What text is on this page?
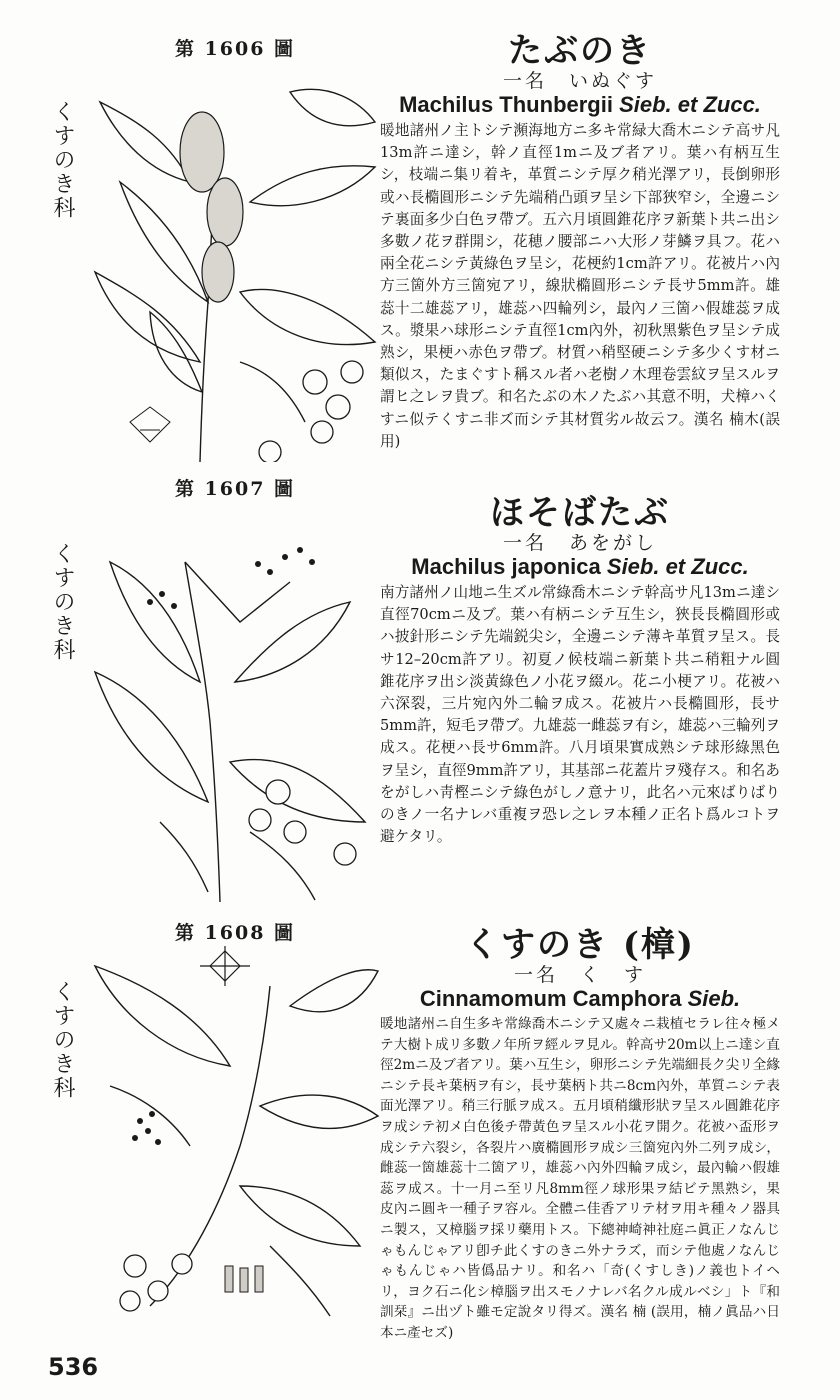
第 1606 圖
くすのき科
たぶのき
一名　いぬぐす
Machilus Thunbergii Sieb. et Zucc.
暖地諸州ノ主トシテ瀕海地方ニ多キ常緑大喬木ニシテ高サ凡13m許ニ達シ，幹ノ直徑1mニ及ブ者アリ。葉ハ有柄互生シ，枝端ニ集リ着キ，革質ニシテ厚ク稍光澤アリ，長倒卵形或ハ長橢圓形ニシテ先端稍凸頭ヲ呈シ下部狹窄シ，全邊ニシテ裏面多少白色ヲ帶ブ。五六月頃圓錐花序ヲ新葉ト共ニ出シ多數ノ花ヲ群開シ，花穂ノ腰部ニハ大形ノ芽鱗ヲ具フ。花ハ兩全花ニシテ黃綠色ヲ呈シ，花梗約1cm許アリ。花被片ハ內方三箇外方三箇宛アリ，線狀橢圓形ニシテ長サ5mm許。雄蕊十二雄蕊アリ，雄蕊ハ四輪列シ，最內ノ三箇ハ假雄蕊ヲ成ス。漿果ハ球形ニシテ直徑1cm內外，初秋黑紫色ヲ呈シテ成熟シ，果梗ハ赤色ヲ帶ブ。材質ハ稍堅硬ニシテ多少くす材ニ類似ス，たまぐすト稱スル者ハ老樹ノ木理卷雲紋ヲ呈スルヲ謂ヒ之レヲ貴ブ。和名たぶの木ノたぶハ其意不明，犬樟ハくすニ似テくすニ非ズ而シテ其材質劣ル故云フ。漢名 楠木(誤用)
第 1607 圖
くすのき科
ほそばたぶ
一名　あをがし
Machilus japonica Sieb. et Zucc.
南方諸州ノ山地ニ生ズル常綠喬木ニシテ幹高サ凡13mニ達シ直徑70cmニ及ブ。葉ハ有柄ニシテ互生シ，狹長長橢圓形或ハ披針形ニシテ先端鋭尖シ，全邊ニシテ薄キ革質ヲ呈ス。長サ12–20cm許アリ。初夏ノ候枝端ニ新葉ト共ニ稍粗ナル圓錐花序ヲ出シ淡黃綠色ノ小花ヲ綴ル。花ニ小梗アリ。花被ハ六深裂，三片宛內外二輪ヲ成ス。花被片ハ長橢圓形，長サ5mm許，短毛ヲ帶ブ。九雄蕊一雌蕊ヲ有シ，雄蕊ハ三輪列ヲ成ス。花梗ハ長サ6mm許。八月頃果實成熟シテ球形綠黑色ヲ呈シ，直徑9mm許アリ，其基部ニ花蓋片ヲ殘存ス。和名あをがしハ靑樫ニシテ綠色がしノ意ナリ，此名ハ元來ばりばりのきノ一名ナレバ重複ヲ恐レ之レヲ本種ノ正名ト爲ルコトヲ避ケタリ。
第 1608 圖
くすのき科
くすのき (樟)
一名　く　す
Cinnamomum Camphora Sieb.
暖地諸州ニ自生多キ常綠喬木ニシテ又處々ニ栽植セラレ往々極メテ大樹ト成リ多數ノ年所ヲ經ルヲ見ル。幹高サ20m以上ニ達シ直徑2mニ及ブ者アリ。葉ハ互生シ，卵形ニシテ先端細長ク尖リ全緣ニシテ長キ葉柄ヲ有シ，長サ葉柄ト共ニ8cm內外，革質ニシテ表面光澤アリ。稍三行脈ヲ成ス。五月頃稍纖形狀ヲ呈スル圓錐花序ヲ成シテ初メ白色後チ帶黃色ヲ呈スル小花ヲ開ク。花被ハ盃形ヲ成シテ六裂シ，各裂片ハ廣橢圓形ヲ成シ三箇宛內外二列ヲ成シ，雌蕊一箇雄蕊十二箇アリ，雄蕊ハ內外四輪ヲ成シ，最內輪ハ假雄蕊ヲ成ス。十一月ニ至リ凡8mm徑ノ球形果ヲ結ビテ黑熟シ，果皮內ニ圓キ一種子ヲ容ル。全體ニ佳香アリテ材ヲ用キ種々ノ器具ニ製ス，又樟腦ヲ採リ藥用トス。下總神崎神社庭ニ眞正ノなんじゃもんじゃアリ卽チ此くすのきニ外ナラズ，而シテ他處ノなんじゃもんじゃハ皆僞品ナリ。和名ハ「奇(くすしき)ノ義也トイヘリ，ヨク石ニ化シ樟腦ヲ出スモノナレバ名クル成ルベシ」ト『和訓栞』ニ出ヅト雖モ定說タリ得ズ。漢名 楠 (誤用，楠ノ眞品ハ日本ニ產セズ)
536
